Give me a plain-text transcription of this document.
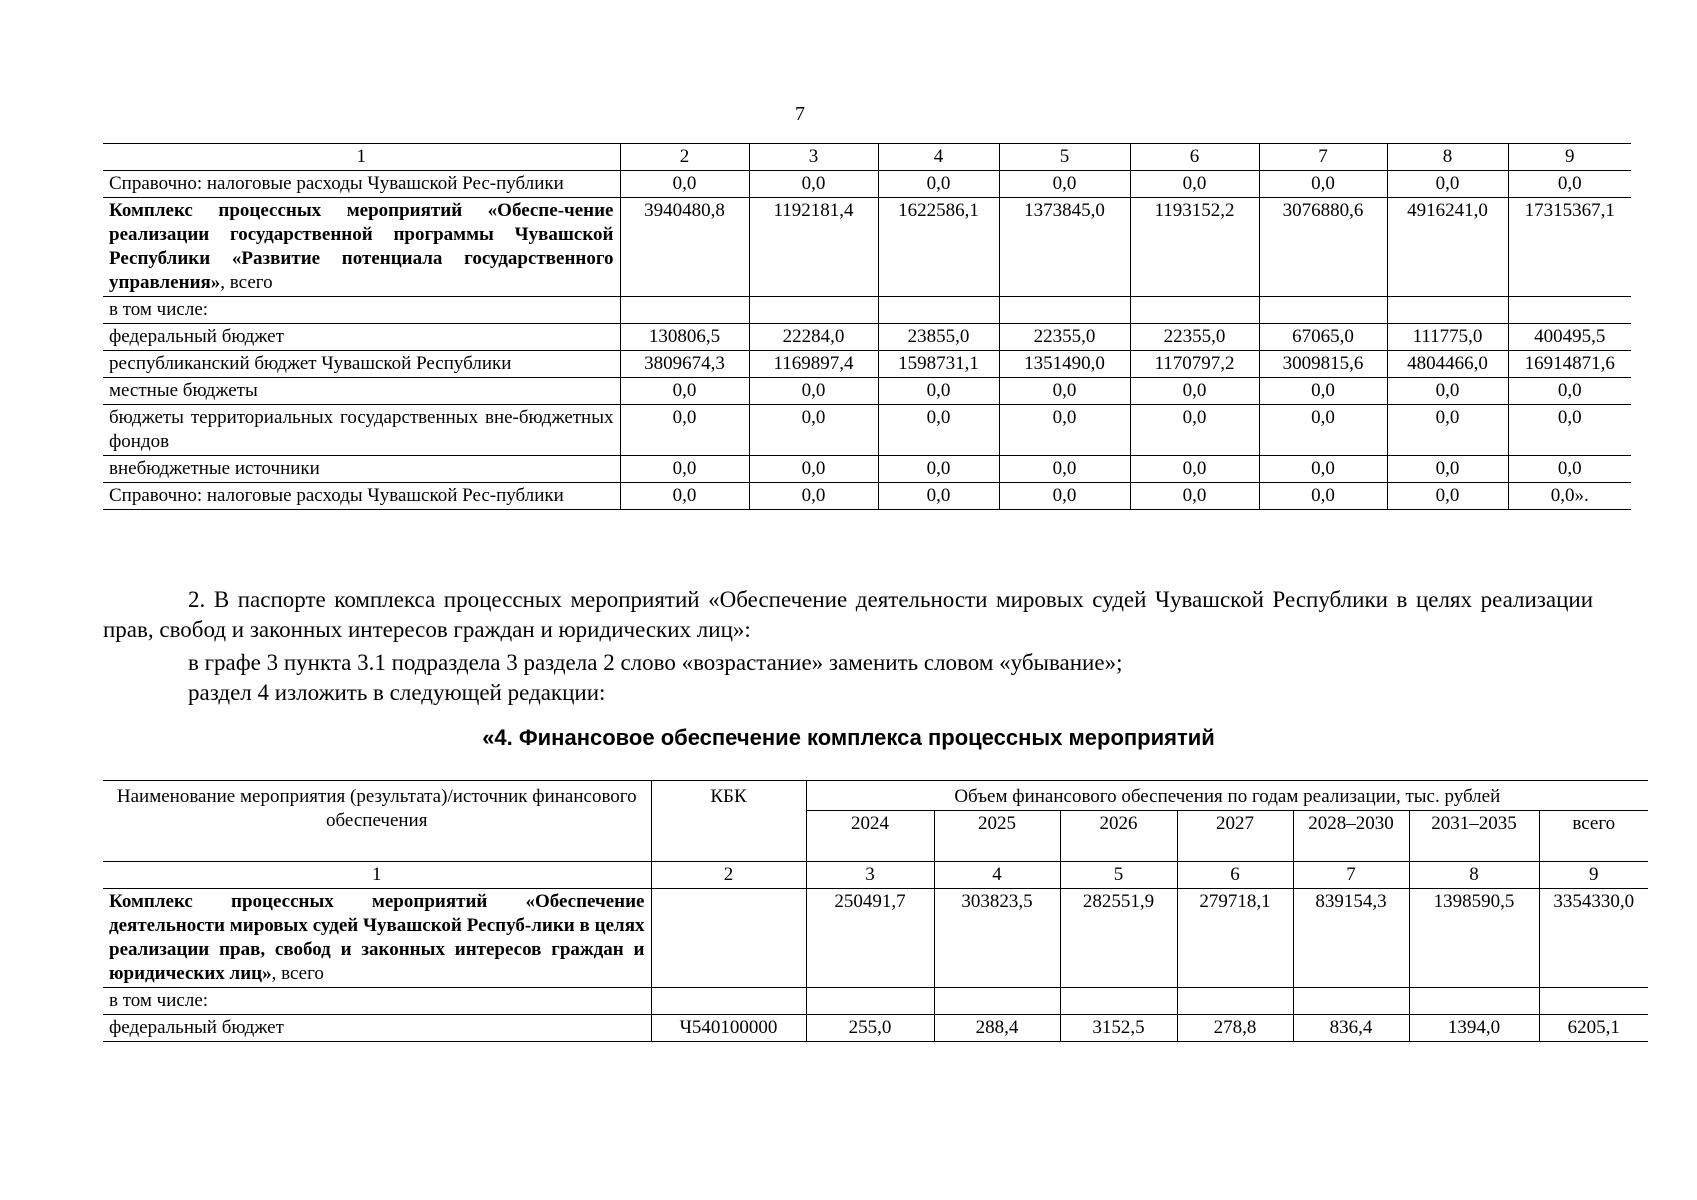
7
1	2	3	4	5	6	7	8	9
Справочно: налоговые расходы Чувашской Рес-публики	0,0	0,0	0,0	0,0	0,0	0,0	0,0	0,0
Комплекс процессных мероприятий «Обеспе-чение реализации государственной программы Чувашской Республики «Развитие потенциала государственного управления», всего	3940480,8	1192181,4	1622586,1	1373845,0	1193152,2	3076880,6	4916241,0	17315367,1
в том числе:								
федеральный бюджет	130806,5	22284,0	23855,0	22355,0	22355,0	67065,0	111775,0	400495,5
республиканский бюджет Чувашской Республики	3809674,3	1169897,4	1598731,1	1351490,0	1170797,2	3009815,6	4804466,0	16914871,6
местные бюджеты	0,0	0,0	0,0	0,0	0,0	0,0	0,0	0,0
бюджеты территориальных государственных вне-бюджетных фондов	0,0	0,0	0,0	0,0	0,0	0,0	0,0	0,0
внебюджетные источники	0,0	0,0	0,0	0,0	0,0	0,0	0,0	0,0
Справочно: налоговые расходы Чувашской Рес-публики	0,0	0,0	0,0	0,0	0,0	0,0	0,0	0,0».
2. В паспорте комплекса процессных мероприятий «Обеспечение деятельности мировых судей Чувашской Республики в целях реализации прав, свобод и законных интересов граждан и юридических лиц»:
в графе 3 пункта 3.1 подраздела 3 раздела 2 слово «возрастание» заменить словом «убывание»;
раздел 4 изложить в следующей редакции:
«4. Финансовое обеспечение комплекса процессных мероприятий
Наименование мероприятия (результата)/источник финансового обеспечения	КБК	Объем финансового обеспечения по годам реализации, тыс. рублей						
		2024	2025	2026	2027	2028–2030	2031–2035	всего
1	2	3	4	5	6	7	8	9
Комплекс процессных мероприятий «Обеспечение деятельности мировых судей Чувашской Респуб-лики в целях реализации прав, свобод и законных интересов граждан и юридических лиц», всего		250491,7	303823,5	282551,9	279718,1	839154,3	1398590,5	3354330,0
в том числе:								
федеральный бюджет	Ч540100000	255,0	288,4	3152,5	278,8	836,4	1394,0	6205,1
